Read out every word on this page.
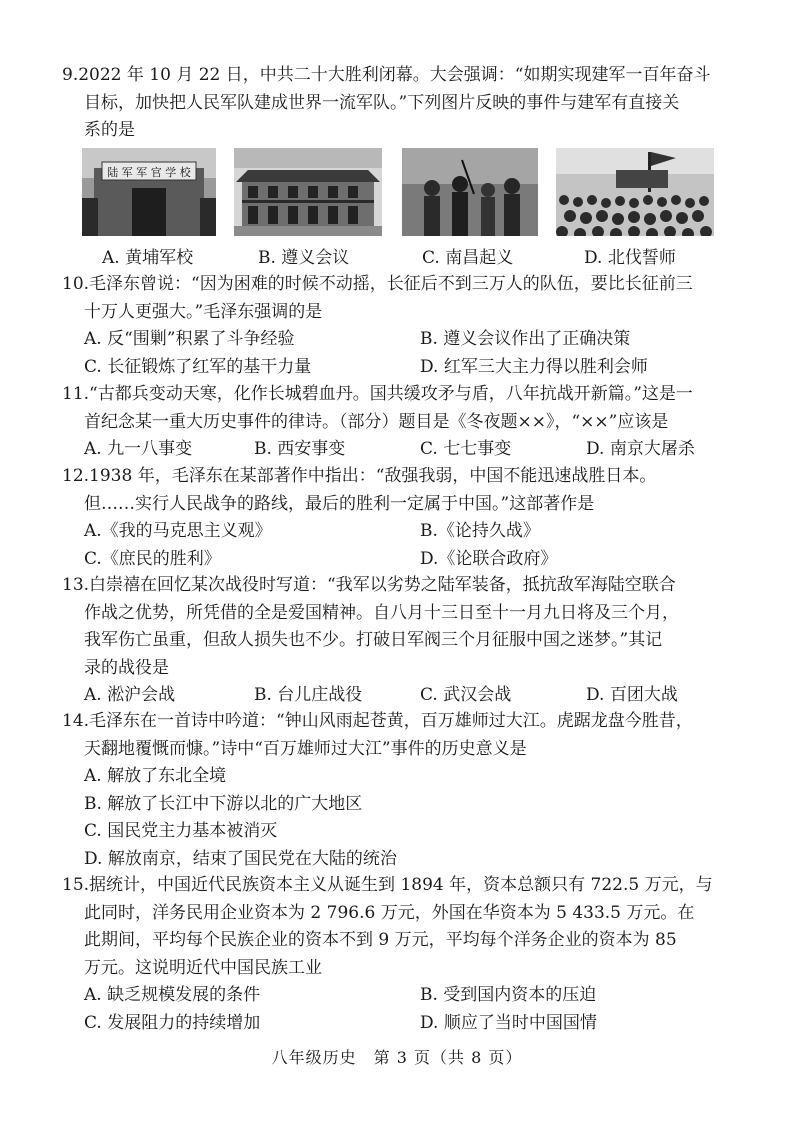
9.2022 年 10 月 22 日，中共二十大胜利闭幕。大会强调：“如期实现建军一百年奋斗
目标，加快把人民军队建成世界一流军队。”下列图片反映的事件与建军有直接关
系的是
陆 军 军 官 学 校
A. 黄埔军校	B. 遵义会议	C. 南昌起义	D. 北伐誓师
10.毛泽东曾说：“因为困难的时候不动摇，长征后不到三万人的队伍，要比长征前三
十万人更强大。”毛泽东强调的是
A. 反“围剿”积累了斗争经验	B. 遵义会议作出了正确决策
C. 长征锻炼了红军的基干力量	D. 红军三大主力得以胜利会师
11.“古都兵变动天寒，化作长城碧血丹。国共缓攻矛与盾，八年抗战开新篇。”这是一
首纪念某一重大历史事件的律诗。（部分）题目是《冬夜题××》，“××”应该是
A. 九一八事变	B. 西安事变	C. 七七事变	D. 南京大屠杀
12.1938 年，毛泽东在某部著作中指出：“敌强我弱，中国不能迅速战胜日本。
但……实行人民战争的路线，最后的胜利一定属于中国。”这部著作是
A.《我的马克思主义观》	B.《论持久战》
C.《庶民的胜利》	D.《论联合政府》
13.白崇禧在回忆某次战役时写道：“我军以劣势之陆军装备，抵抗敌军海陆空联合
作战之优势，所凭借的全是爱国精神。自八月十三日至十一月九日将及三个月，
我军伤亡虽重，但敌人损失也不少。打破日军阀三个月征服中国之迷梦。”其记
录的战役是
A. 淞沪会战	B. 台儿庄战役	C. 武汉会战	D. 百团大战
14.毛泽东在一首诗中吟道：“钟山风雨起苍黄，百万雄师过大江。虎踞龙盘今胜昔，
天翻地覆慨而慷。”诗中“百万雄师过大江”事件的历史意义是
A. 解放了东北全境
B. 解放了长江中下游以北的广大地区
C. 国民党主力基本被消灭
D. 解放南京，结束了国民党在大陆的统治
15.据统计，中国近代民族资本主义从诞生到 1894 年，资本总额只有 722.5 万元，与
此同时，洋务民用企业资本为 2 796.6 万元，外国在华资本为 5 433.5 万元。在
此期间，平均每个民族企业的资本不到 9 万元，平均每个洋务企业的资本为 85
万元。这说明近代中国民族工业
A. 缺乏规模发展的条件	B. 受到国内资本的压迫
C. 发展阻力的持续增加	D. 顺应了当时中国国情
八年级历史　第 3 页（共 8 页）
